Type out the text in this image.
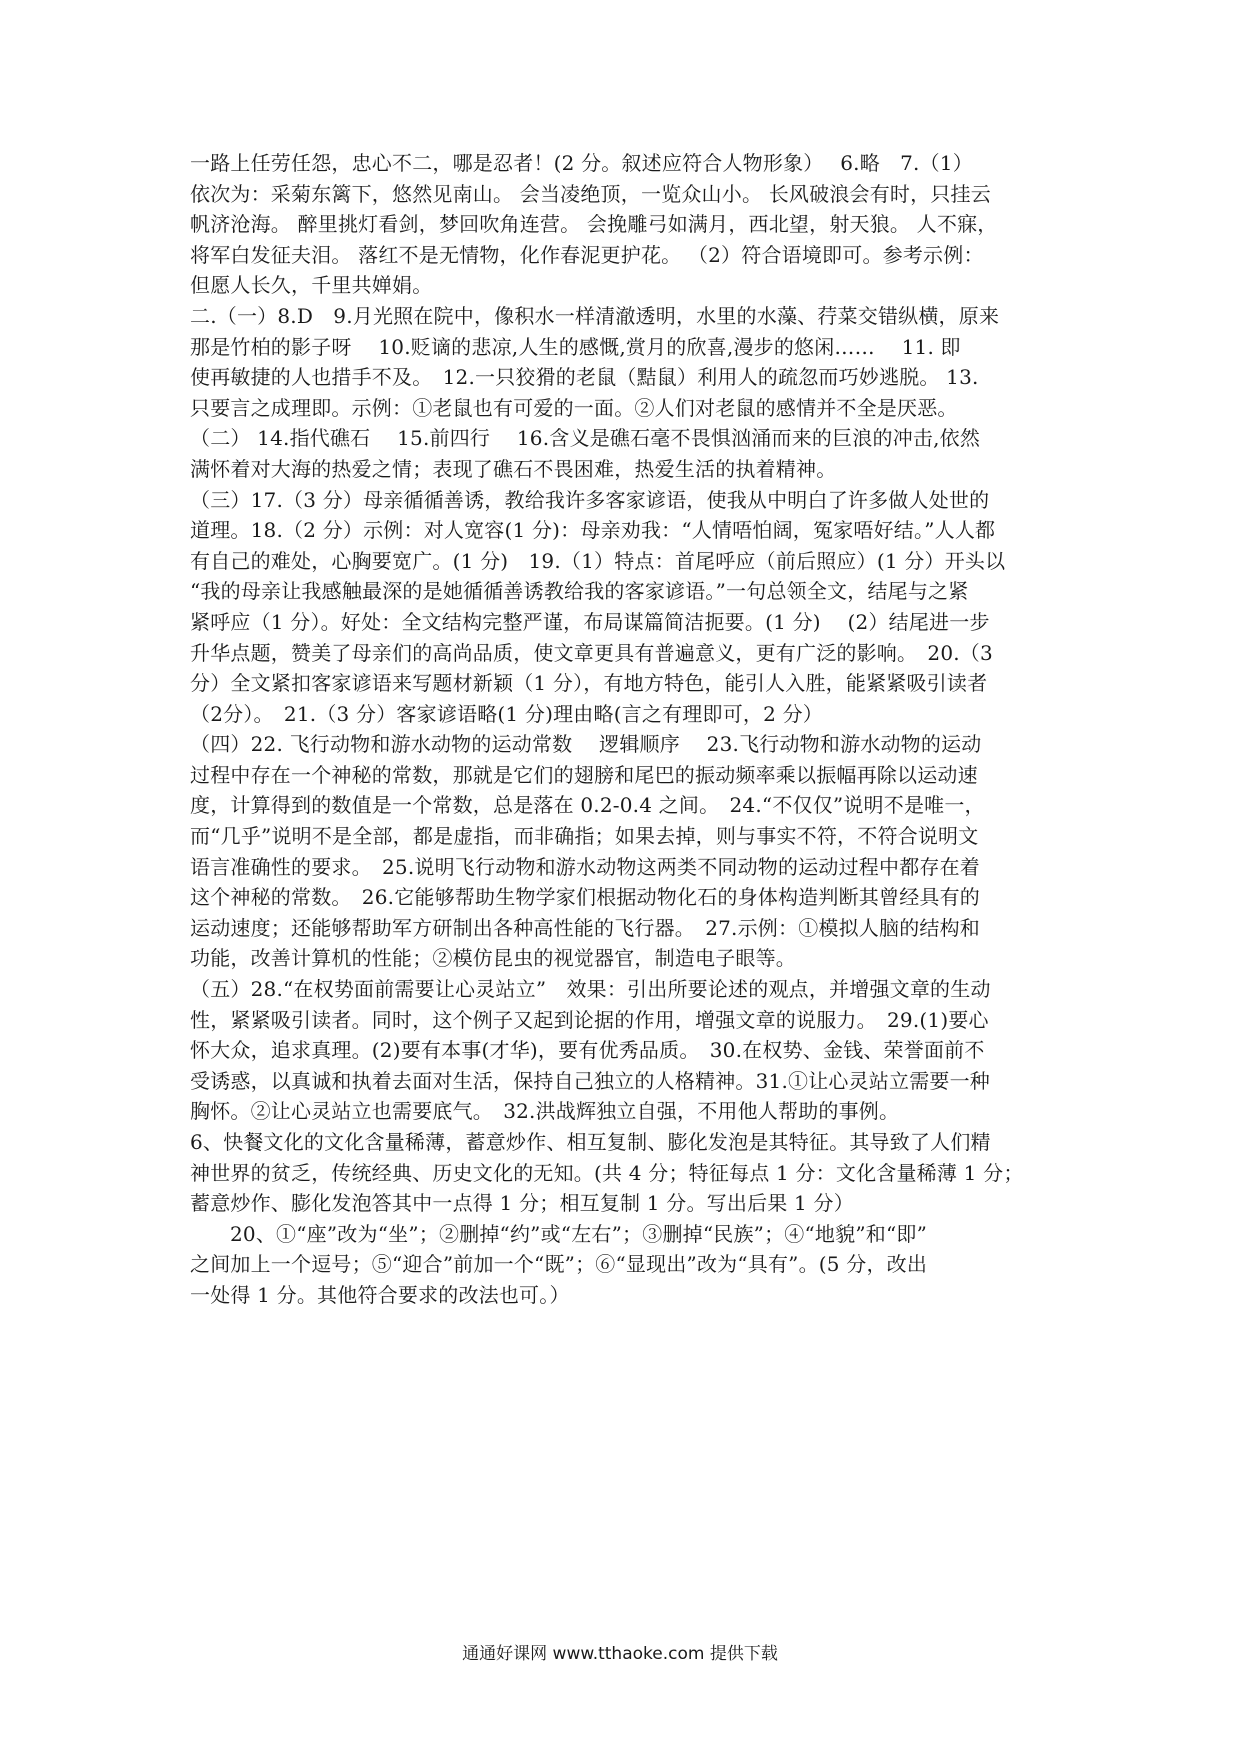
一路上任劳任怨，忠心不二，哪是忍者！(2 分。叙述应符合人物形象）　 6.略　7.（1）
依次为：采菊东篱下，悠然见南山。 会当凌绝顶，一览众山小。 长风破浪会有时，只挂云
帆济沧海。 醉里挑灯看剑，梦回吹角连营。 会挽雕弓如满月，西北望，射天狼。 人不寐，
将军白发征夫泪。 落红不是无情物，化作春泥更护花。 （2）符合语境即可。参考示例：
但愿人长久，千里共婵娟。
二.（一）8.D　9.月光照在院中，像积水一样清澈透明，水里的水藻、荇菜交错纵横，原来
那是竹柏的影子呀　 10.贬谪的悲凉,人生的感慨,赏月的欣喜,漫步的悠闲……　 11. 即
使再敏捷的人也措手不及。　12.一只狡猾的老鼠（黠鼠）利用人的疏忽而巧妙逃脱。 13.
只要言之成理即。示例：①老鼠也有可爱的一面。②人们对老鼠的感情并不全是厌恶。
（二） 14.指代礁石　 15.前四行　 16.含义是礁石毫不畏惧汹涌而来的巨浪的冲击,依然
满怀着对大海的热爱之情；表现了礁石不畏困难，热爱生活的执着精神。
（三）17.（3 分）母亲循循善诱，教给我许多客家谚语，使我从中明白了许多做人处世的
道理。18.（2 分）示例：对人宽容(1 分)：母亲劝我：“人情唔怕阔，冤家唔好结。”人人都
有自己的难处，心胸要宽广。(1 分)　19.（1）特点：首尾呼应（前后照应）(1 分）开头以
“我的母亲让我感触最深的是她循循善诱教给我的客家谚语。”一句总领全文，结尾与之紧
紧呼应（1 分）。好处：全文结构完整严谨，布局谋篇简洁扼要。(1 分)　 (2）结尾进一步
升华点题，赞美了母亲们的高尚品质，使文章更具有普遍意义，更有广泛的影响。　20.（3
分）全文紧扣客家谚语来写题材新颖（1 分），有地方特色，能引人入胜，能紧紧吸引读者
（2分）。　21.（3 分）客家谚语略(1 分)理由略(言之有理即可，2 分）
（四）22. 飞行动物和游水动物的运动常数　 逻辑顺序　 23.飞行动物和游水动物的运动
过程中存在一个神秘的常数，那就是它们的翅膀和尾巴的振动频率乘以振幅再除以运动速
度，计算得到的数值是一个常数，总是落在 0.2-0.4 之间。　24.“不仅仅”说明不是唯一，
而“几乎”说明不是全部，都是虚指，而非确指；如果去掉，则与事实不符，不符合说明文
语言准确性的要求。　25.说明飞行动物和游水动物这两类不同动物的运动过程中都存在着
这个神秘的常数。　26.它能够帮助生物学家们根据动物化石的身体构造判断其曾经具有的
运动速度；还能够帮助军方研制出各种高性能的飞行器。　27.示例：①模拟人脑的结构和
功能，改善计算机的性能；②模仿昆虫的视觉器官，制造电子眼等。
（五）28.“在权势面前需要让心灵站立”　效果：引出所要论述的观点，并增强文章的生动
性，紧紧吸引读者。同时，这个例子又起到论据的作用，增强文章的说服力。　29.(1)要心
怀大众，追求真理。(2)要有本事(才华)，要有优秀品质。　30.在权势、金钱、荣誉面前不
受诱惑，以真诚和执着去面对生活，保持自己独立的人格精神。31.①让心灵站立需要一种
胸怀。②让心灵站立也需要底气。　32.洪战辉独立自强，不用他人帮助的事例。
6、快餐文化的文化含量稀薄，蓄意炒作、相互复制、膨化发泡是其特征。其导致了人们精
神世界的贫乏，传统经典、历史文化的无知。(共 4 分；特征每点 1 分：文化含量稀薄 1 分；
蓄意炒作、膨化发泡答其中一点得 1 分；相互复制 1 分。写出后果 1 分）
20、①“座”改为“坐”；②删掉“约”或“左右”；③删掉“民族”；④“地貌”和“即”
之间加上一个逗号；⑤“迎合”前加一个“既”；⑥“显现出”改为“具有”。(5 分，改出
一处得 1 分。其他符合要求的改法也可。）
通通好课网 www.tthaoke.com 提供下载
